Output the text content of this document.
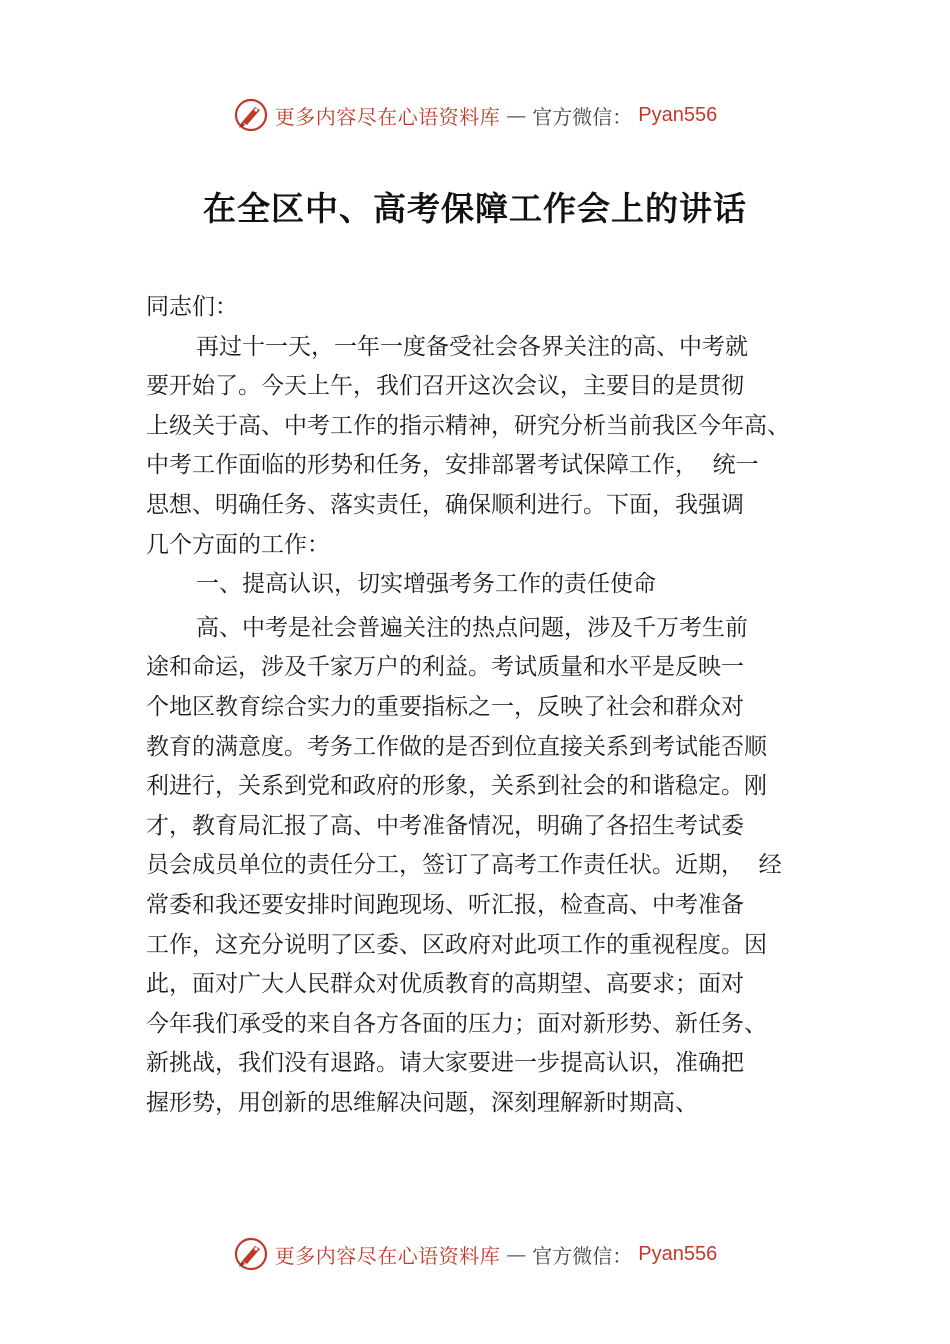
更多内容尽在心语资料库 — 官方微信： Pyan556
在全区中、高考保障工作会上的讲话

同志们：

再过十一天，一年一度备受社会各界关注的高、中考就

要开始了。今天上午，我们召开这次会议，主要目的是贯彻

上级关于高、中考工作的指示精神，研究分析当前我区今年高、

中考工作面临的形势和任务，安排部署考试保障工作，  统一

思想、明确任务、落实责任，确保顺利进行。下面，我强调

几个方面的工作：

一、提高认识，切实增强考务工作的责任使命

高、中考是社会普遍关注的热点问题，涉及千万考生前

途和命运，涉及千家万户的利益。考试质量和水平是反映一

个地区教育综合实力的重要指标之一，反映了社会和群众对

教育的满意度。考务工作做的是否到位直接关系到考试能否顺

利进行，关系到党和政府的形象，关系到社会的和谐稳定。刚

才，教育局汇报了高、中考准备情况，明确了各招生考试委

员会成员单位的责任分工，签订了高考工作责任状。近期，  经

常委和我还要安排时间跑现场、听汇报，检查高、中考准备

工作，这充分说明了区委、区政府对此项工作的重视程度。因

此，面对广大人民群众对优质教育的高期望、高要求；面对

今年我们承受的来自各方各面的压力；面对新形势、新任务、

新挑战，我们没有退路。请大家要进一步提高认识，准确把

握形势，用创新的思维解决问题，深刻理解新时期高、

更多内容尽在心语资料库 — 官方微信： Pyan556
